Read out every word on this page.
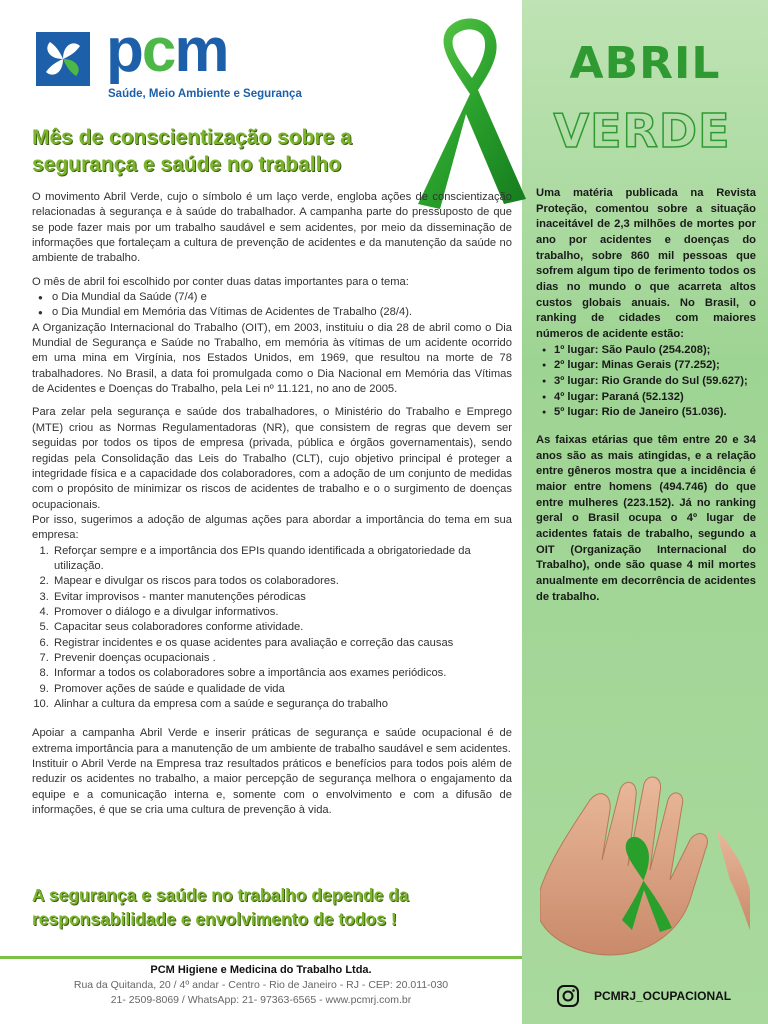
pcm
Saúde, Meio Ambiente e Segurança
ABRIL
VERDE
Mês de conscientização sobre a segurança e saúde no trabalho

O movimento Abril Verde, cujo o símbolo é um laço verde, engloba ações de conscientização relacionadas à segurança e à saúde do trabalhador. A campanha parte do pressuposto de que se pode fazer mais por um trabalho saudável e sem acidentes, por meio da disseminação de informações que fortaleçam a cultura de prevenção de acidentes e da manutenção da saúde no ambiente de trabalho.

O mês de abril foi escolhido por conter duas datas importantes para o tema:

● o Dia Mundial da Saúde (7/4) e
● o Dia Mundial em Memória das Vítimas de Acidentes de Trabalho (28/4).

A Organização Internacional do Trabalho (OIT), em 2003, instituiu o dia 28 de abril como o Dia Mundial de Segurança e Saúde no Trabalho, em memória às vítimas de um acidente ocorrido em uma mina em Virgínia, nos Estados Unidos, em 1969, que resultou na morte de 78 trabalhadores. No Brasil, a data foi promulgada como o Dia Nacional em Memória das Vítimas de Acidentes e Doenças do Trabalho, pela Lei nº 11.121, no ano de 2005.

Para zelar pela segurança e saúde dos trabalhadores, o Ministério do Trabalho e Emprego (MTE) criou as Normas Regulamentadoras (NR), que consistem de regras que devem ser seguidas por todos os tipos de empresa (privada, pública e órgãos governamentais), sendo regidas pela Consolidação das Leis do Trabalho (CLT), cujo objetivo principal é proteger a integridade física e a capacidade dos colaboradores, com a adoção de um conjunto de medidas com o propósito de minimizar os riscos de acidentes de trabalho e o o surgimento de doenças ocupacionais.

Por isso, sugerimos a adoção de algumas ações para abordar a importância do tema em sua empresa:

1. Reforçar sempre e a importância dos EPIs quando identificada a obrigatoriedade da utilização.
2. Mapear e divulgar os riscos para todos os colaboradores.
3. Evitar improvisos - manter manutenções pérodicas
4. Promover o diálogo e a divulgar informativos.
5. Capacitar seus colaboradores conforme atividade.
6. Registrar incidentes e os quase acidentes para avaliação e correção das causas
7. Prevenir doenças ocupacionais .
8. Informar a todos os colaboradores sobre a importância aos exames periódicos.
9. Promover ações de saúde e qualidade de vida
10. Alinhar a cultura da empresa com a saúde e segurança do trabalho

Apoiar a campanha Abril Verde e inserir práticas de segurança e saúde ocupacional é de extrema importância para a manutenção de um ambiente de trabalho saudável e sem acidentes.

Instituir o Abril Verde na Empresa traz resultados práticos e benefícios para todos pois além de reduzir os acidentes no trabalho, a maior percepção de segurança melhora o engajamento da equipe e a comunicação interna e, somente com o envolvimento e com a difusão de informações, é que se cria uma cultura de prevenção à vida.

A segurança e saúde no trabalho depende da responsabilidade e envolvimento de todos !
PCM Higiene e Medicina do Trabalho Ltda.
Rua da Quitanda, 20 / 4º andar - Centro - Rio de Janeiro - RJ - CEP: 20.011-030
21- 2509-8069 / WhatsApp: 21- 97363-6565 - www.pcmrj.com.br

Uma matéria publicada na Revista Proteção, comentou sobre a situação inaceitável de 2,3 milhões de mortes por ano por acidentes e doenças do trabalho, sobre 860 mil pessoas que sofrem algum tipo de ferimento todos os dias no mundo o que acarreta altos custos globais anuais. No Brasil, o ranking de cidades com maiores números de acidente estão:

● 1º lugar: São Paulo (254.208);
● 2º lugar: Minas Gerais (77.252);
● 3º lugar: Rio Grande do Sul (59.627);
● 4º lugar: Paraná (52.132)
● 5º lugar: Rio de Janeiro (51.036).

As faixas etárias que têm entre 20 e 34 anos são as mais atingidas, e a relação entre gêneros mostra que a incidência é maior entre homens (494.746) do que entre mulheres (223.152). Já no ranking geral o Brasil ocupa o 4º lugar de acidentes fatais de trabalho, segundo a OIT (Organização Internacional do Trabalho), onde são quase 4 mil mortes anualmente em decorrência de acidentes de trabalho.

PCMRJ_OCUPACIONAL
